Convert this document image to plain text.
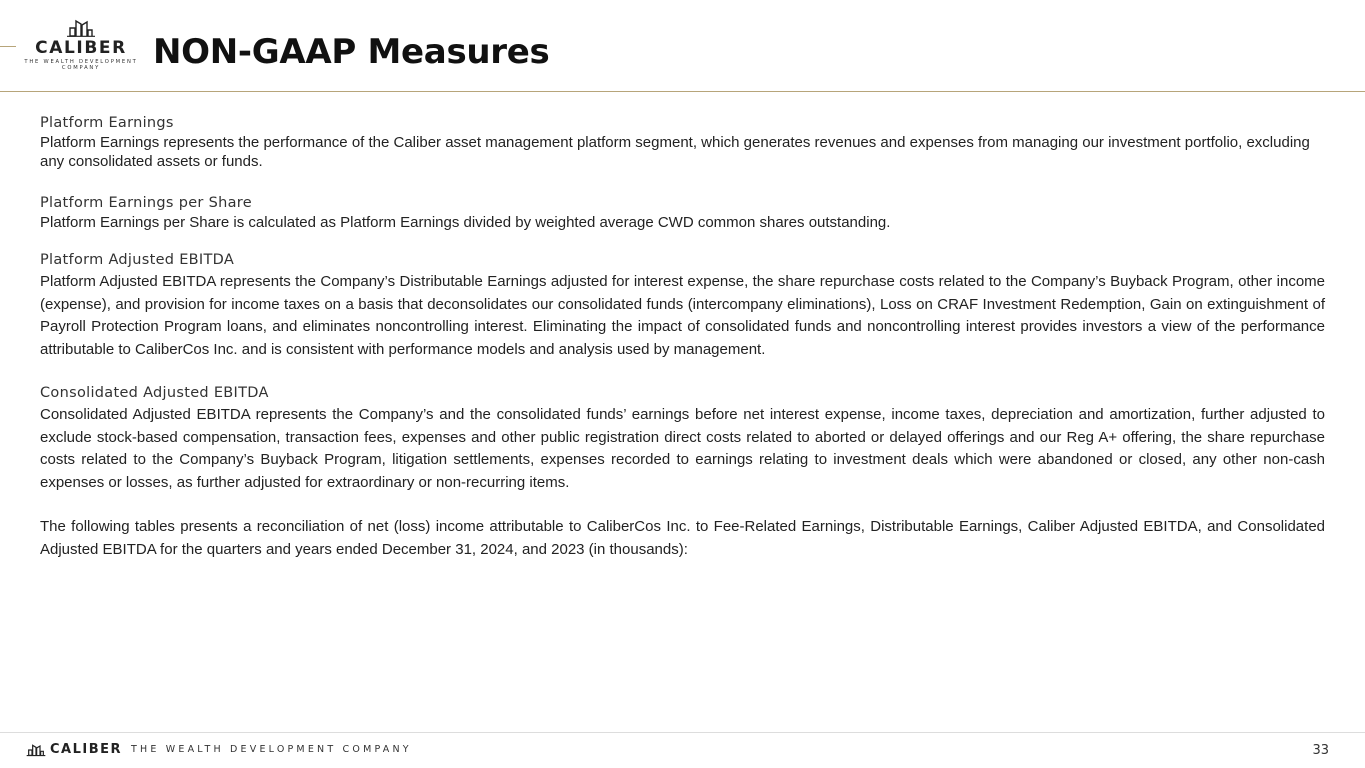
CALIBER
THE WEALTH DEVELOPMENT COMPANY	NON-GAAP Measures
Platform Earnings
Platform Earnings represents the performance of the Caliber asset management platform segment, which generates revenues and expenses from managing our investment portfolio, excluding any consolidated assets or funds.
Platform Earnings per Share
Platform Earnings per Share is calculated as Platform Earnings divided by weighted average CWD common shares outstanding.
Platform Adjusted EBITDA
Platform Adjusted EBITDA represents the Company’s Distributable Earnings adjusted for interest expense, the share repurchase costs related to the Company’s Buyback Program, other income (expense), and provision for income taxes on a basis that deconsolidates our consolidated funds (intercompany eliminations), Loss on CRAF Investment Redemption, Gain on extinguishment of Payroll Protection Program loans, and eliminates noncontrolling interest. Eliminating the impact of consolidated funds and noncontrolling interest provides investors a view of the performance attributable to CaliberCos Inc. and is consistent with performance models and analysis used by management.
Consolidated Adjusted EBITDA
Consolidated Adjusted EBITDA represents the Company’s and the consolidated funds’ earnings before net interest expense, income taxes, depreciation and amortization, further adjusted to exclude stock-based compensation, transaction fees, expenses and other public registration direct costs related to aborted or delayed offerings and our Reg A+ offering, the share repurchase costs related to the Company’s Buyback Program, litigation settlements, expenses recorded to earnings relating to investment deals which were abandoned or closed, any other non-cash expenses or losses, as further adjusted for extraordinary or non-recurring items.
The following tables presents a reconciliation of net (loss) income attributable to CaliberCos Inc. to Fee-Related Earnings, Distributable Earnings, Caliber Adjusted EBITDA, and Consolidated Adjusted EBITDA for the quarters and years ended December 31, 2024, and 2023 (in thousands):
CALIBER THE WEALTH DEVELOPMENT COMPANY	33
